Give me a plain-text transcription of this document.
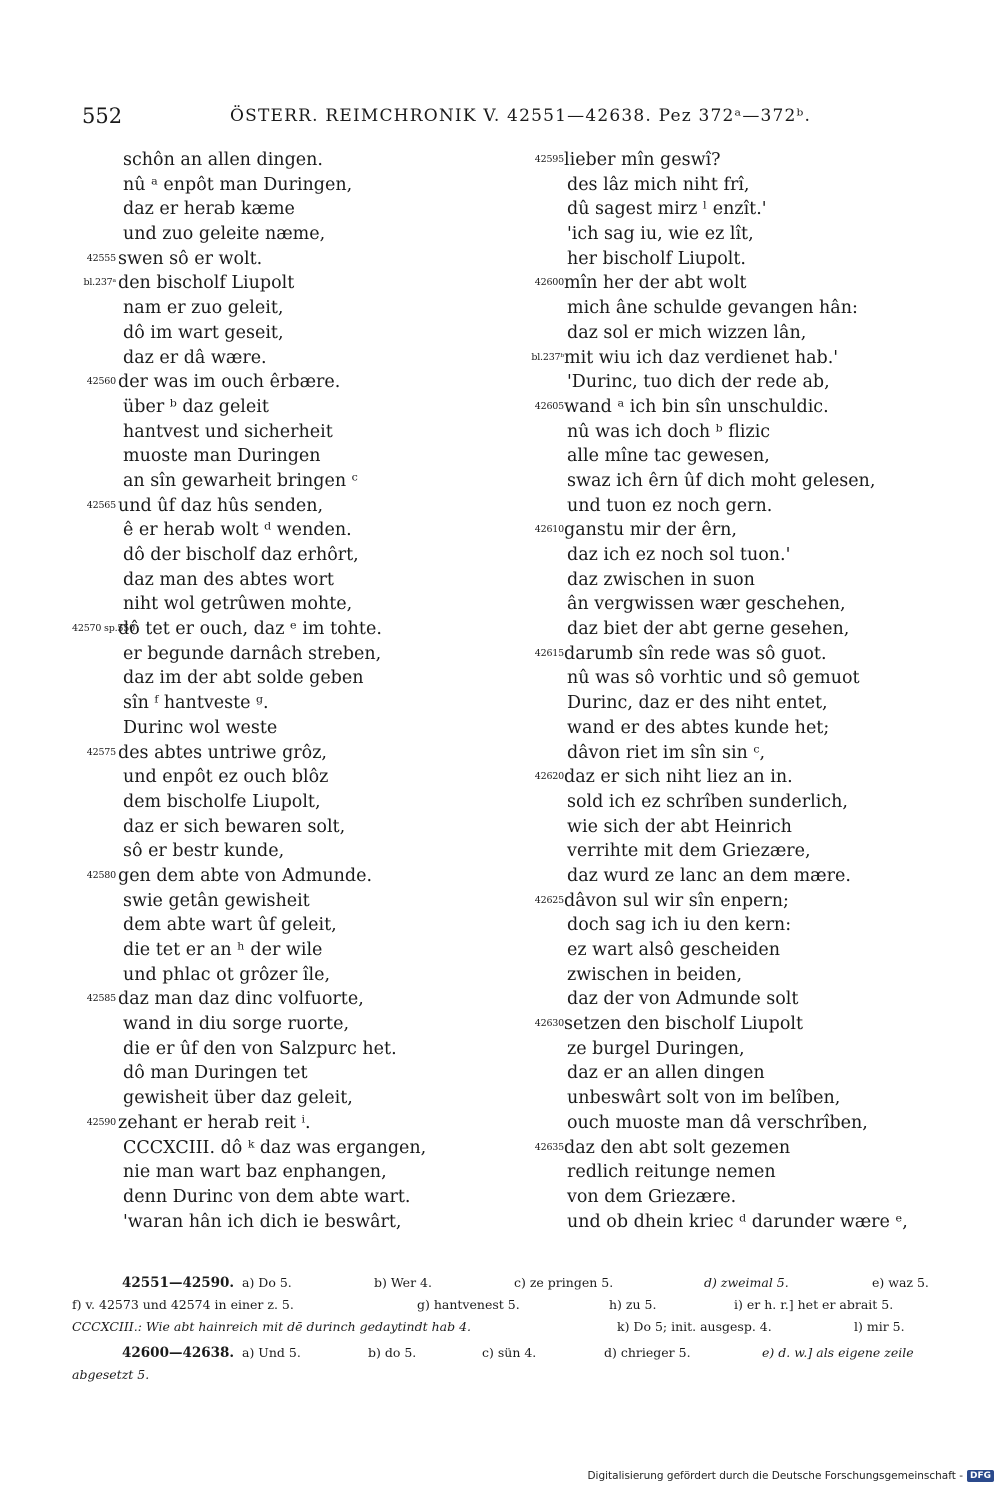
552	ÖSTERR. REIMCHRONIK V. 42551—42638. Pez 372ᵃ—372ᵇ.
schôn an allen dingen.
nû ᵃ enpôt man Duringen,
daz er herab kæme
und zuo geleite næme,
42555 swen sô er wolt.
bl.237ᵃ den bischolf Liupolt
nam er zuo geleit,
dô im wart geseit,
daz er dâ wære.
42560 der was im ouch êrbære.
über ᵇ daz geleit
hantvest und sicherheit
muoste man Duringen
an sîn gewarheit bringen ᶜ
42565 und ûf daz hûs senden,
ê er herab wolt ᵈ wenden.
dô der bischolf daz erhôrt,
daz man des abtes wort
niht wol getrûwen mohte,
42570 sp.550
dô tet er ouch, daz ᵉ im tohte.
er begunde darnâch streben,
daz im der abt solde geben
sîn ᶠ hantveste ᵍ.
Durinc wol weste
42575 des abtes untriwe grôz,
und enpôt ez ouch blôz
dem bischolfe Liupolt,
daz er sich bewaren solt,
sô er bestr kunde,
42580 gen dem abte von Admunde.
swie getân gewisheit
dem abte wart ûf geleit,
die tet er an ʰ der wile
und phlac ot grôzer île,
42585 daz man daz dinc volfuorte,
wand in diu sorge ruorte,
die er ûf den von Salzpurc het.
dô man Duringen tet
gewisheit über daz geleit,
42590 zehant er herab reit ⁱ.
CCCXCIII. dô ᵏ daz was ergangen,
nie man wart baz enphangen,
denn Durinc von dem abte wart.
'waran hân ich dich ie beswârt,
42595 lieber mîn geswî?
des lâz mich niht frî,
dû sagest mirz ˡ enzît.'
'ich sag iu, wie ez lît,
her bischolf Liupolt.
42600 mîn her der abt wolt
mich âne schulde gevangen hân:
daz sol er mich wizzen lân,
bl.237ᵇ mit wiu ich daz verdienet hab.'
'Durinc, tuo dich der rede ab,
42605 wand ᵃ ich bin sîn unschuldic.
nû was ich doch ᵇ flizic
alle mîne tac gewesen,
swaz ich êrn ûf dich moht gelesen,
und tuon ez noch gern.
42610 ganstu mir der êrn,
daz ich ez noch sol tuon.'
daz zwischen in suon
ân vergwissen wær geschehen,
daz biet der abt gerne gesehen,
42615 darumb sîn rede was sô guot.
nû was sô vorhtic und sô gemuot
Durinc, daz er des niht entet,
wand er des abtes kunde het;
dâvon riet im sîn sin ᶜ,
42620 daz er sich niht liez an in.
sold ich ez schrîben sunderlich,
wie sich der abt Heinrich
verrihte mit dem Griezære,
daz wurd ze lanc an dem mære.
42625 dâvon sul wir sîn enpern;
doch sag ich iu den kern:
ez wart alsô gescheiden
zwischen in beiden,
daz der von Admunde solt
42630 setzen den bischolf Liupolt
ze burgel Duringen,
daz er an allen dingen
unbeswârt solt von im belîben,
ouch muoste man dâ verschrîben,
42635 daz den abt solt gezemen
redlich reitunge nemen
von dem Griezære.
und ob dhein kriec ᵈ darunder wære ᵉ,
42551—42590. a) Do 5.	b) Wer 4.	c) ze pringen 5.	d) zweimal 5.	e) waz 5.
f) v. 42573 und 42574 in einer z. 5.	g) hantvenest 5.	h) zu 5.	i) er h. r.] het er abrait 5.
CCCXCIII.: Wie abt hainreich mit dē durinch gedaytindt hab 4.	k) Do 5; init. ausgesp. 4.	l) mir 5.
42600—42638. a) Und 5.	b) do 5.	c) sün 4.	d) chrieger 5.	e) d. w.] als eigene zeile
abgesetzt 5.
Digitalisierung gefördert durch die Deutsche Forschungsgemeinschaft - DFG
